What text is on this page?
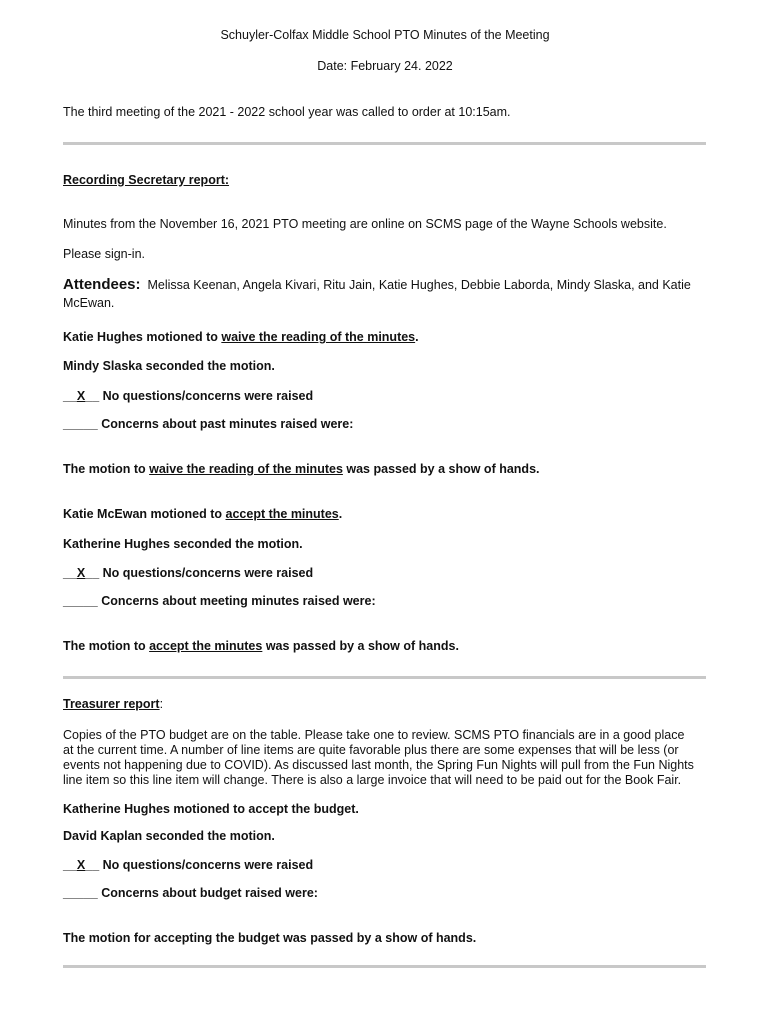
Schuyler-Colfax Middle School PTO Minutes of the Meeting
Date: February 24. 2022
The third meeting of the 2021 - 2022 school year was called to order at 10:15am.
Recording Secretary report:
Minutes from the November 16, 2021 PTO meeting are online on SCMS page of the Wayne Schools website.
Please sign-in.
Attendees: Melissa Keenan, Angela Kivari, Ritu Jain, Katie Hughes, Debbie Laborda, Mindy Slaska, and Katie McEwan.
Katie Hughes motioned to waive the reading of the minutes.
Mindy Slaska seconded the motion.
__X__ No questions/concerns were raised
_____ Concerns about past minutes raised were:
The motion to waive the reading of the minutes was passed by a show of hands.
Katie McEwan motioned to accept the minutes.
Katherine Hughes seconded the motion.
__X__ No questions/concerns were raised
_____ Concerns about meeting minutes raised were:
The motion to accept the minutes was passed by a show of hands.
Treasurer report:
Copies of the PTO budget are on the table. Please take one to review. SCMS PTO financials are in a good place
at the current time. A number of line items are quite favorable plus there are some expenses that will be less (or
events not happening due to COVID). As discussed last month, the Spring Fun Nights will pull from the Fun Nights
line item so this line item will change. There is also a large invoice that will need to be paid out for the Book Fair.
Katherine Hughes motioned to accept the budget.
David Kaplan seconded the motion.
__X__ No questions/concerns were raised
_____ Concerns about budget raised were:
The motion for accepting the budget was passed by a show of hands.
